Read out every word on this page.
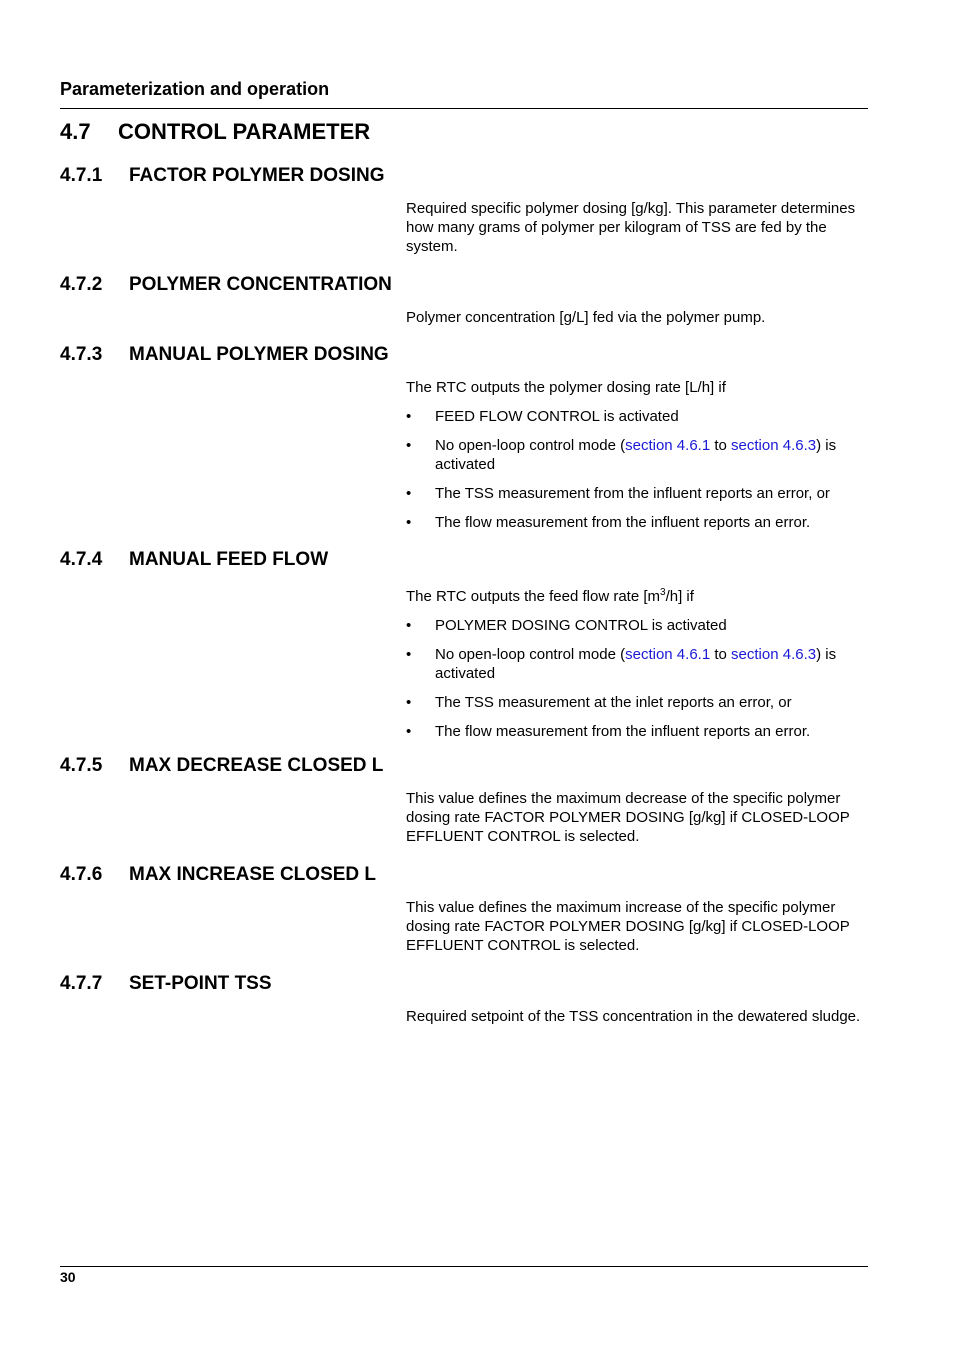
Parameterization and operation
4.7 CONTROL PARAMETER
4.7.1 FACTOR POLYMER DOSING

Required specific polymer dosing [g/kg]. This parameter determines how many grams of polymer per kilogram of TSS are fed by the system.

4.7.2 POLYMER CONCENTRATION

Polymer concentration [g/L] fed via the polymer pump.

4.7.3 MANUAL POLYMER DOSING

The RTC outputs the polymer dosing rate [L/h] if

• FEED FLOW CONTROL is activated
• No open-loop control mode (section 4.6.1 to section 4.6.3) is activated
• The TSS measurement from the influent reports an error, or
• The flow measurement from the influent reports an error.
4.7.4 MANUAL FEED FLOW

The RTC outputs the feed flow rate $[m^3/h]$ if

• POLYMER DOSING CONTROL is activated
• No open-loop control mode (section 4.6.1 to section 4.6.3) is activated
• The TSS measurement at the inlet reports an error, or
• The flow measurement from the influent reports an error.
4.7.5 MAX DECREASE CLOSED L

This value defines the maximum decrease of the specific polymer dosing rate FACTOR POLYMER DOSING [g/kg] if CLOSED-LOOP EFFLUENT CONTROL is selected.

4.7.6 MAX INCREASE CLOSED L

This value defines the maximum increase of the specific polymer dosing rate FACTOR POLYMER DOSING [g/kg] if CLOSED-LOOP EFFLUENT CONTROL is selected.

4.7.7 SET-POINT TSS

Required setpoint of the TSS concentration in the dewatered sludge.

30
